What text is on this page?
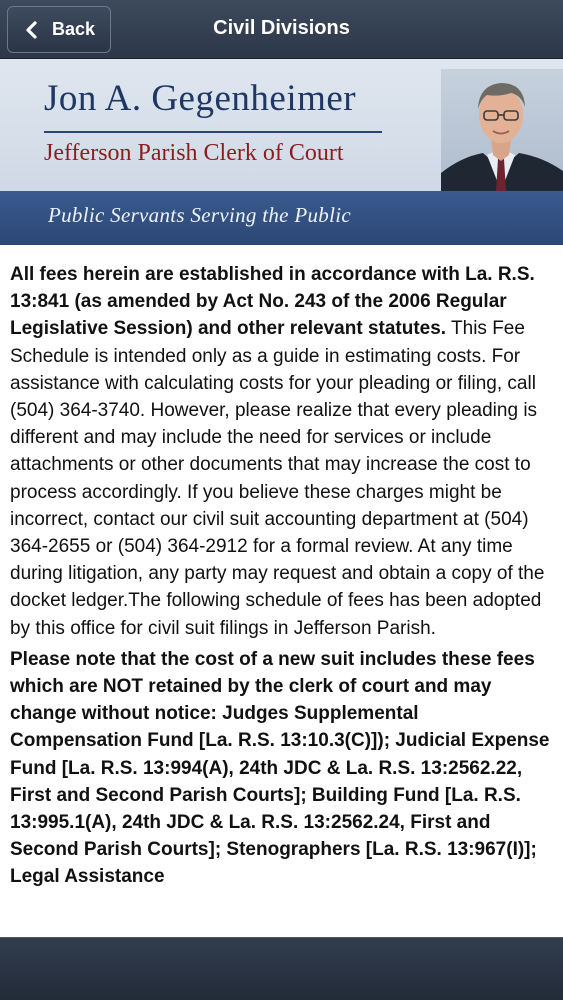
Back	Civil Divisions
Jon A. Gegenheimer
Jefferson Parish Clerk of Court
Public Servants Serving the Public

All fees herein are established in accordance with La. R.S. 13:841 (as amended by Act No. 243 of the 2006 Regular Legislative Session) and other relevant statutes. This Fee Schedule is intended only as a guide in estimating costs. For assistance with calculating costs for your pleading or filing, call (504) 364-3740. However, please realize that every pleading is different and may include the need for services or include attachments or other documents that may increase the cost to process accordingly. If you believe these charges might be incorrect, contact our civil suit accounting department at (504) 364-2655 or (504) 364-2912 for a formal review. At any time during litigation, any party may request and obtain a copy of the docket ledger.The following schedule of fees has been adopted by this office for civil suit filings in Jefferson Parish.

Please note that the cost of a new suit includes these fees which are NOT retained by the clerk of court and may change without notice: Judges Supplemental Compensation Fund [La. R.S. 13:10.3(C)]); Judicial Expense Fund [La. R.S. 13:994(A), 24th JDC & La. R.S. 13:2562.22, First and Second Parish Courts]; Building Fund [La. R.S. 13:995.1(A), 24th JDC & La. R.S. 13:2562.24, First and Second Parish Courts]; Stenographers [La. R.S. 13:967(I)]; Legal Assistance
